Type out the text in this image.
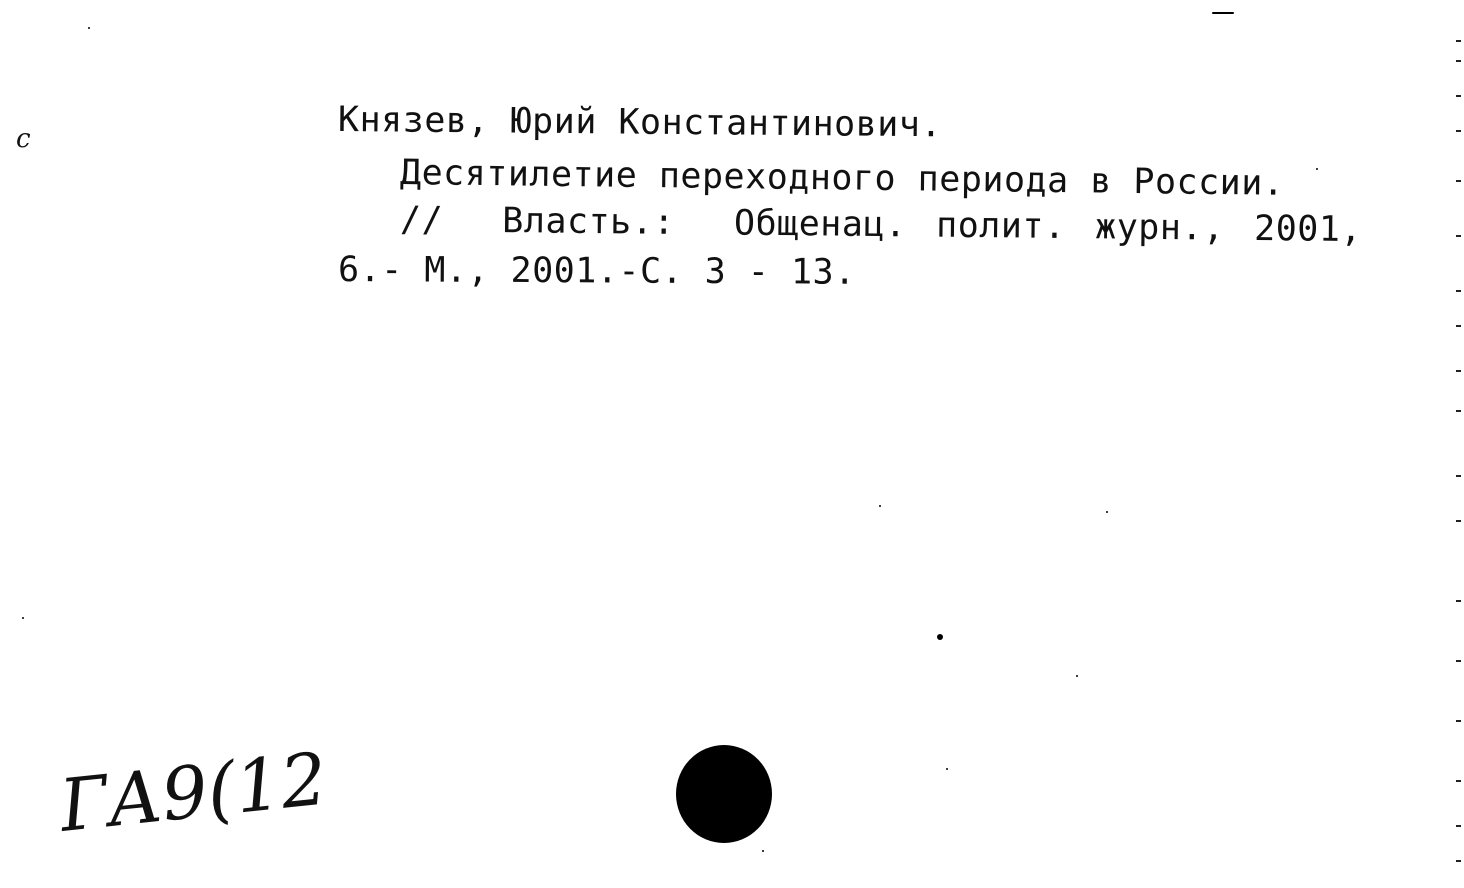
с	Князев, Юрий Константинович.
Десятилетие переходного периода в России.
//  Власть.:  Общенац. полит. журн., 2001,
6.- М., 2001.-С. 3 - 13.
ГА9(12
